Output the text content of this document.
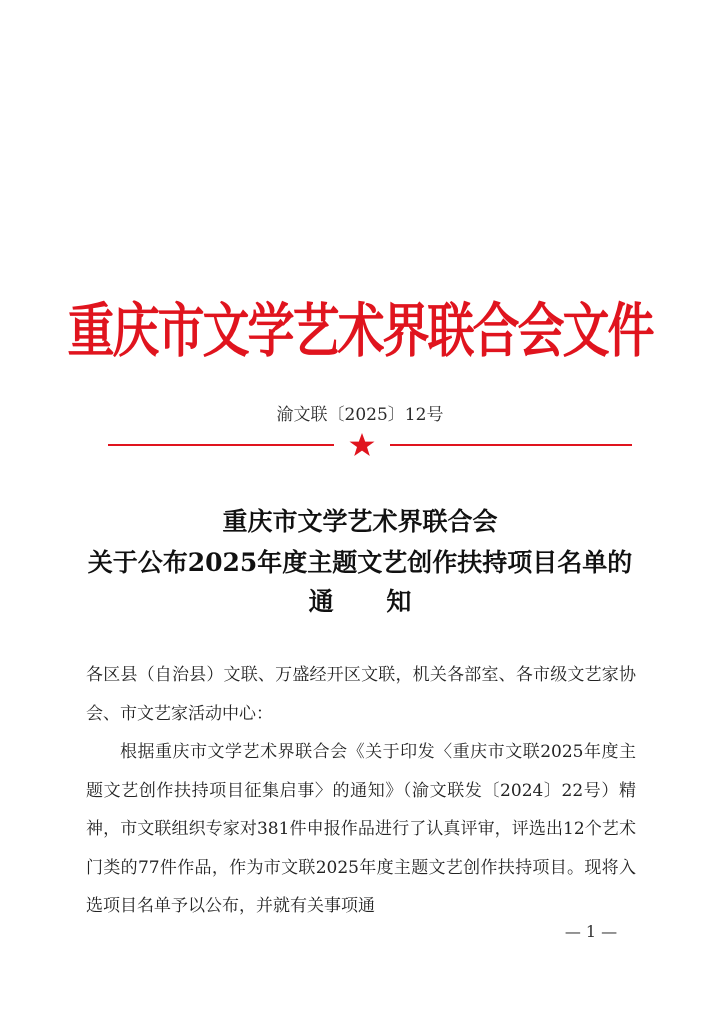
重庆市文学艺术界联合会文件
渝文联〔2025〕12号
重庆市文学艺术界联合会
关于公布2025年度主题文艺创作扶持项目名单的
通 知

各区县（自治县）文联、万盛经开区文联，机关各部室、各市级文艺家协会、市文艺家活动中心：

根据重庆市文学艺术界联合会《关于印发〈重庆市文联2025年度主题文艺创作扶持项目征集启事〉的通知》（渝文联发〔2024〕22号）精神，市文联组织专家对381件申报作品进行了认真评审，评选出12个艺术门类的77件作品，作为市文联2025年度主题文艺创作扶持项目。现将入选项目名单予以公布，并就有关事项通

— 1 —
